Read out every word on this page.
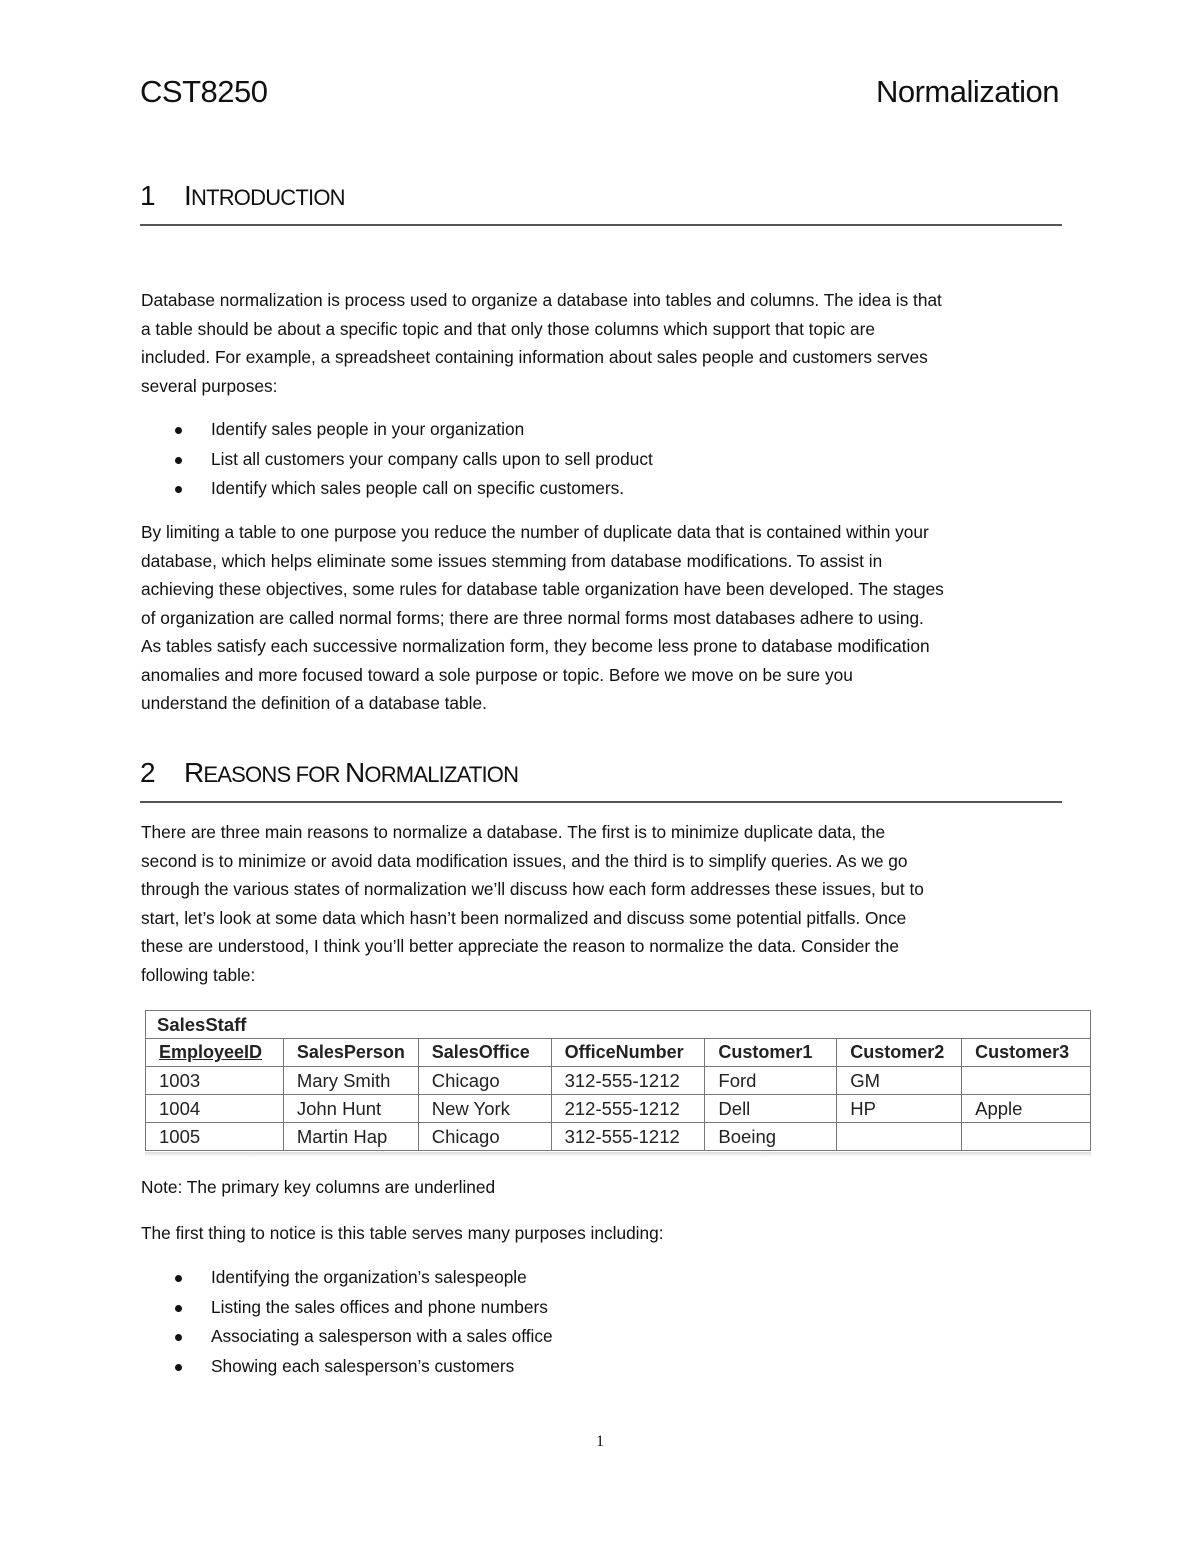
CST8250	Normalization
1 INTRODUCTION
Database normalization is process used to organize a database into tables and columns. The idea is that
a table should be about a specific topic and that only those columns which support that topic are
included. For example, a spreadsheet containing information about sales people and customers serves
several purposes:
Identify sales people in your organization
List all customers your company calls upon to sell product
Identify which sales people call on specific customers.
By limiting a table to one purpose you reduce the number of duplicate data that is contained within your
database, which helps eliminate some issues stemming from database modifications. To assist in
achieving these objectives, some rules for database table organization have been developed. The stages
of organization are called normal forms; there are three normal forms most databases adhere to using.
As tables satisfy each successive normalization form, they become less prone to database modification
anomalies and more focused toward a sole purpose or topic. Before we move on be sure you
understand the definition of a database table.
2 REASONS FOR NORMALIZATION
There are three main reasons to normalize a database. The first is to minimize duplicate data, the
second is to minimize or avoid data modification issues, and the third is to simplify queries. As we go
through the various states of normalization we’ll discuss how each form addresses these issues, but to
start, let’s look at some data which hasn’t been normalized and discuss some potential pitfalls. Once
these are understood, I think you’ll better appreciate the reason to normalize the data. Consider the
following table:
SalesStaff						
EmployeeID	SalesPerson	SalesOffice	OfficeNumber	Customer1	Customer2	Customer3
1003	Mary Smith	Chicago	312-555-1212	Ford	GM	
1004	John Hunt	New York	212-555-1212	Dell	HP	Apple
1005	Martin Hap	Chicago	312-555-1212	Boeing		
Note: The primary key columns are underlined
The first thing to notice is this table serves many purposes including:
Identifying the organization’s salespeople
Listing the sales offices and phone numbers
Associating a salesperson with a sales office
Showing each salesperson’s customers
1
